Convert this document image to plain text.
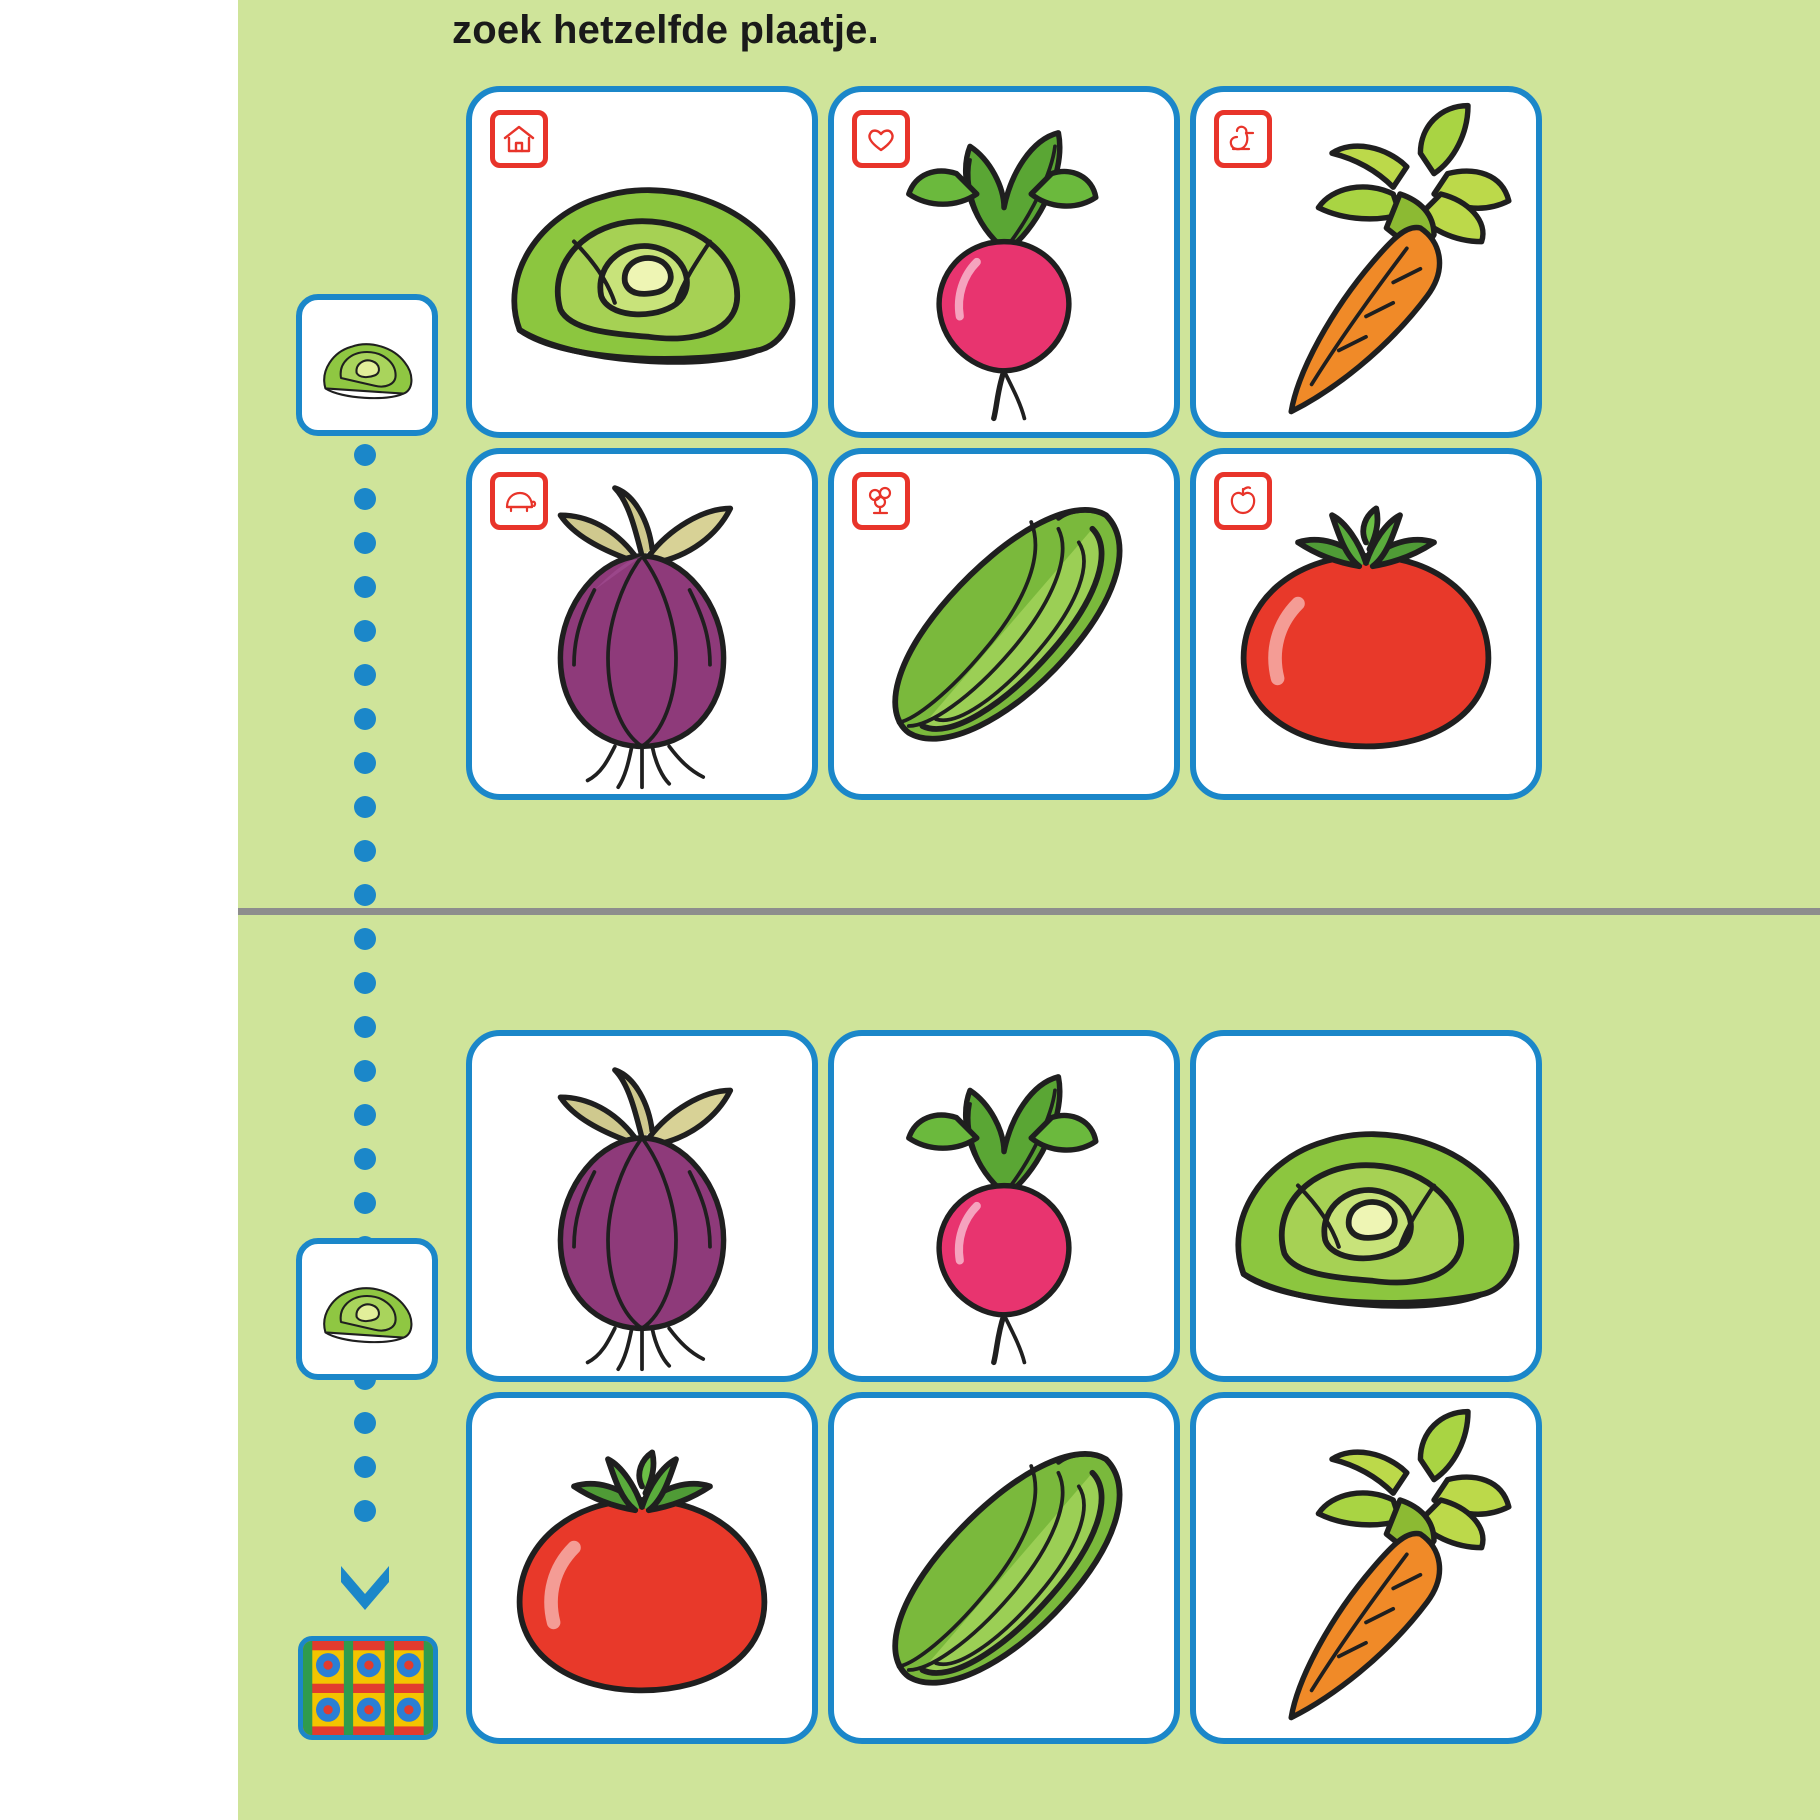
zoek hetzelfde plaatje.
